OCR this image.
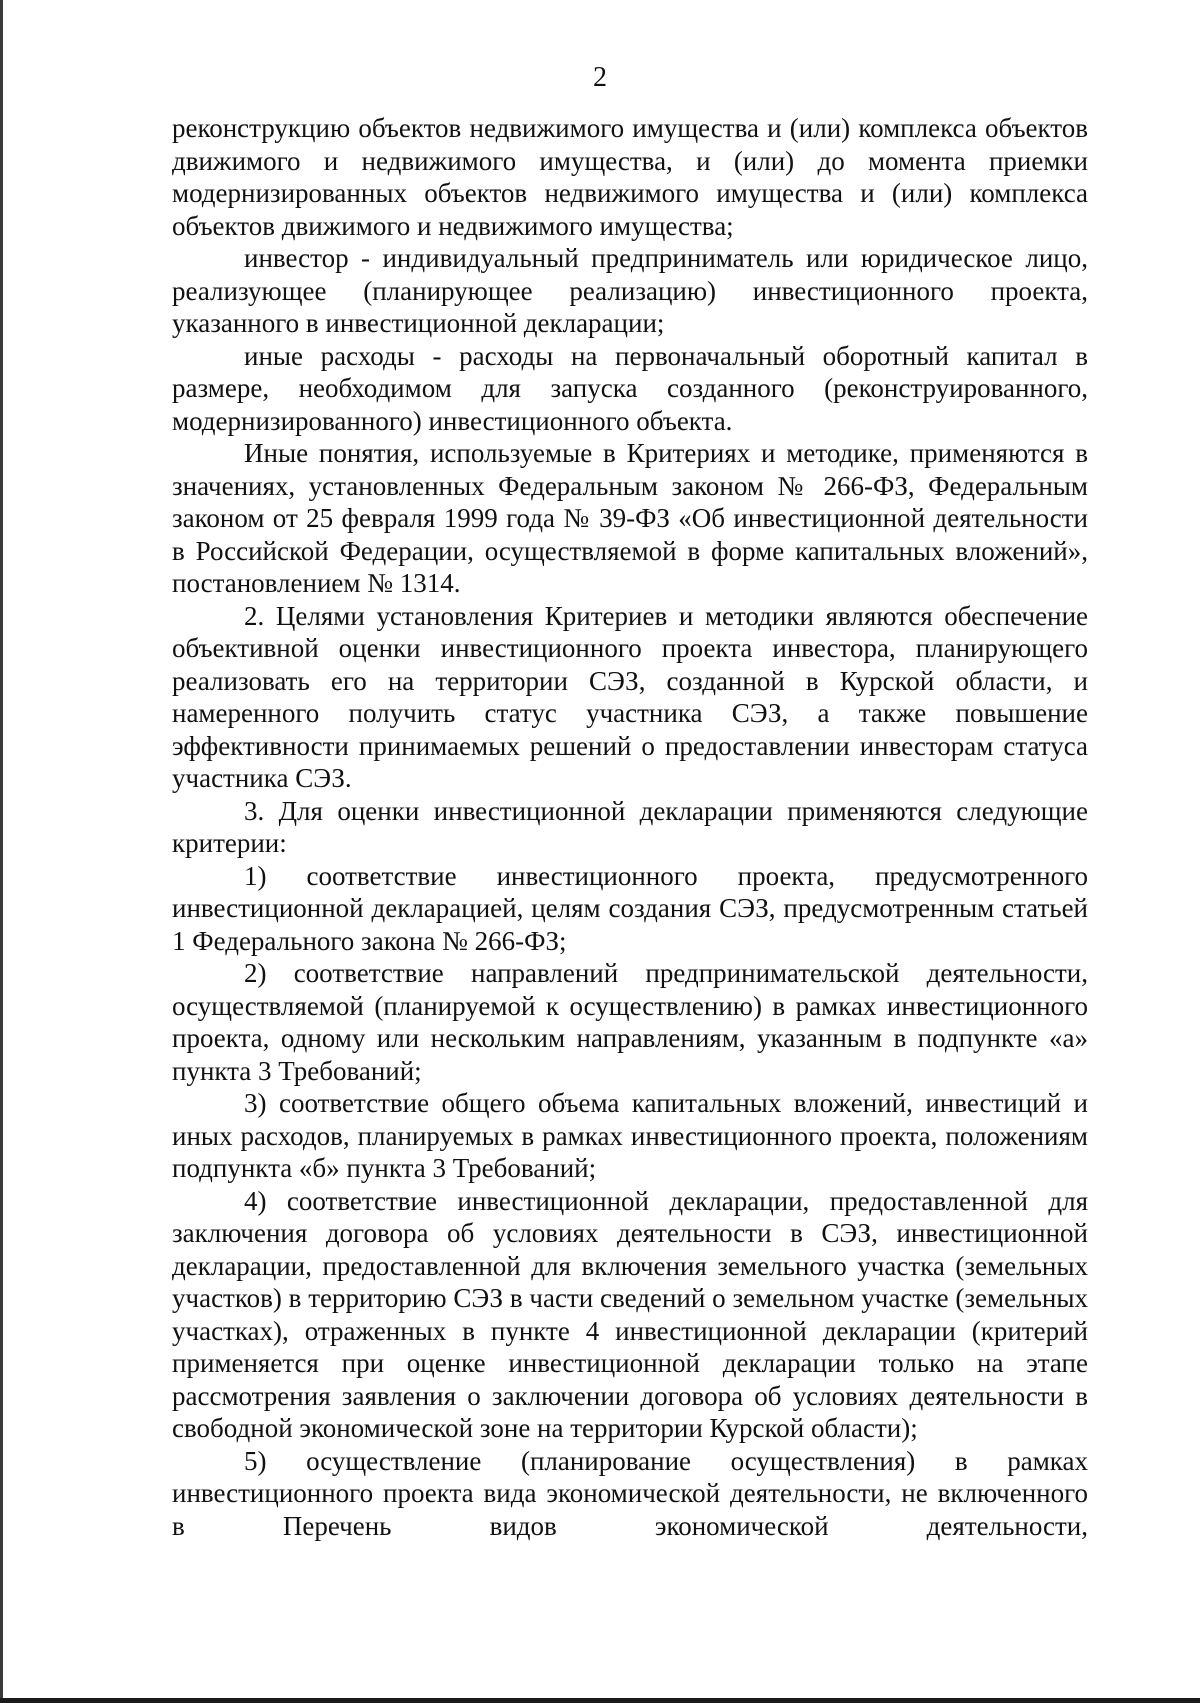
2

реконструкцию объектов недвижимого имущества и (или) комплекса объектов движимого и недвижимого имущества, и (или) до момента приемки модернизированных объектов недвижимого имущества и (или) комплекса объектов движимого и недвижимого имущества;

инвестор - индивидуальный предприниматель или юридическое лицо, реализующее (планирующее реализацию) инвестиционного проекта, указанного в инвестиционной декларации;

иные расходы - расходы на первоначальный оборотный капитал в размере, необходимом для запуска созданного (реконструированного, модернизированного) инвестиционного объекта.

Иные понятия, используемые в Критериях и методике, применяются в значениях, установленных Федеральным законом № 266-ФЗ, Федеральным законом от 25 февраля 1999 года № 39-ФЗ «Об инвестиционной деятельности в Российской Федерации, осуществляемой в форме капитальных вложений», постановлением № 1314.

2. Целями установления Критериев и методики являются обеспечение объективной оценки инвестиционного проекта инвестора, планирующего реализовать его на территории СЭЗ, созданной в Курской области, и намеренного получить статус участника СЭЗ, а также повышение эффективности принимаемых решений о предоставлении инвесторам статуса участника СЭЗ.

3. Для оценки инвестиционной декларации применяются следующие критерии:

1) соответствие инвестиционного проекта, предусмотренного инвестиционной декларацией, целям создания СЭЗ, предусмотренным статьей 1 Федерального закона № 266-ФЗ;

2) соответствие направлений предпринимательской деятельности, осуществляемой (планируемой к осуществлению) в рамках инвестиционного проекта, одному или нескольким направлениям, указанным в подпункте «а» пункта 3 Требований;

3) соответствие общего объема капитальных вложений, инвестиций и иных расходов, планируемых в рамках инвестиционного проекта, положениям подпункта «б» пункта 3 Требований;

4) соответствие инвестиционной декларации, предоставленной для заключения договора об условиях деятельности в СЭЗ, инвестиционной декларации, предоставленной для включения земельного участка (земельных участков) в территорию СЭЗ в части сведений о земельном участке (земельных участках), отраженных в пункте 4 инвестиционной декларации (критерий применяется при оценке инвестиционной декларации только на этапе рассмотрения заявления о заключении договора об условиях деятельности в свободной экономической зоне на территории Курской области);

5) осуществление (планирование осуществления) в рамках инвестиционного проекта вида экономической деятельности, не включенного в Перечень видов экономической деятельности,
